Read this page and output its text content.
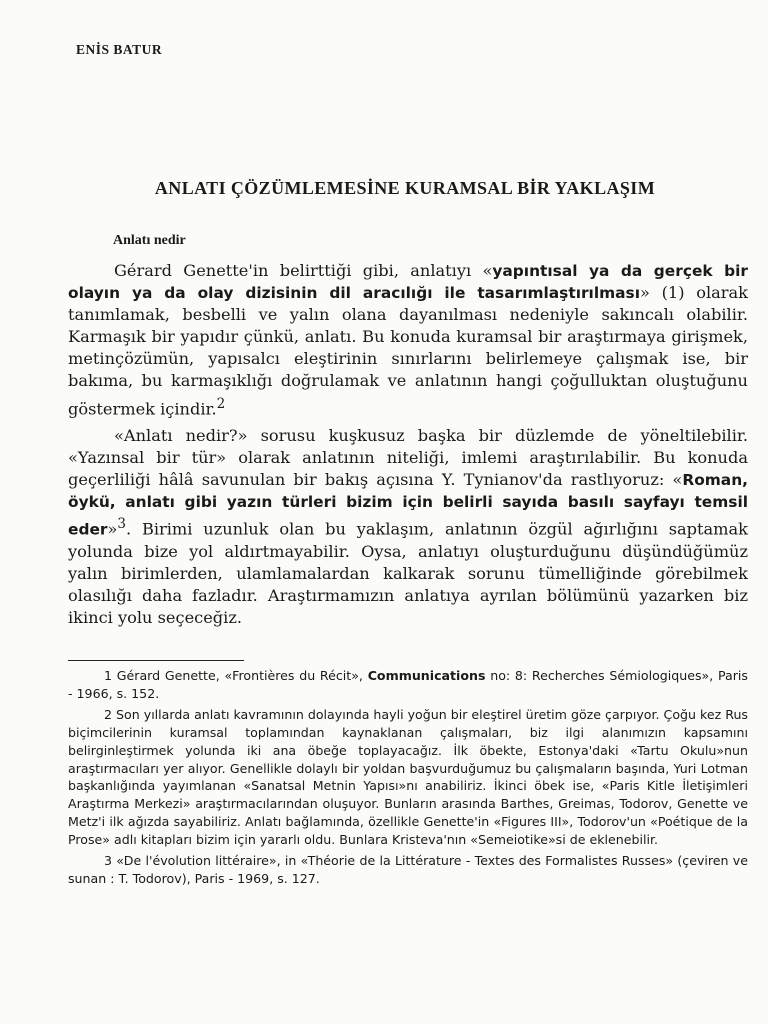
ENİS BATUR
ANLATI ÇÖZÜMLEMESİNE KURAMSAL BİR YAKLAŞIM
Anlatı nedir

Gérard Genette'in belirttiği gibi, anlatıyı «yapıntısal ya da gerçek bir olayın ya da olay dizisinin dil aracılığı ile tasarımlaştırılması» (1) olarak tanımlamak, besbelli ve yalın olana dayanılması nedeniyle sakıncalı olabilir. Karmaşık bir yapıdır çünkü, anlatı. Bu konuda kuramsal bir araştırmaya girişmek, metinçözümün, yapısalcı eleştirinin sınırlarını belirlemeye çalışmak ise, bir bakıma, bu karmaşıklığı doğrulamak ve anlatının hangi çoğulluktan oluştuğunu göstermek içindir.$^2$

«Anlatı nedir?» sorusu kuşkusuz başka bir düzlemde de yöneltilebilir. «Yazınsal bir tür» olarak anlatının niteliği, imlemi araştırılabilir. Bu konuda geçerliliği hâlâ savunulan bir bakış açısına Y. Tynianov'da rastlıyoruz: «Roman, öykü, anlatı gibi yazın türleri bizim için belirli sayıda basılı sayfayı temsil eder»$^3$. Birimi uzunluk olan bu yaklaşım, anlatının özgül ağırlığını saptamak yolunda bize yol aldırtmayabilir. Oysa, anlatıyı oluşturduğunu düşündüğümüz yalın birimlerden, ulamlamalardan kalkarak sorunu tümelliğinde görebilmek olasılığı daha fazladır. Araştırmamızın anlatıya ayrılan bölümünü yazarken biz ikinci yolu seçeceğiz.

1 Gérard Genette, «Frontières du Récit», Communications no: 8: Recherches Sémiologiques», Paris - 1966, s. 152.

2 Son yıllarda anlatı kavramının dolayında hayli yoğun bir eleştirel üretim göze çarpıyor. Çoğu kez Rus biçimcilerinin kuramsal toplamından kaynaklanan çalışmaları, biz ilgi alanımızın kapsamını belirginleştirmek yolunda iki ana öbeğe toplayacağız. İlk öbekte, Estonya'daki «Tartu Okulu»nun araştırmacıları yer alıyor. Genellikle dolaylı bir yoldan başvurduğumuz bu çalışmaların başında, Yuri Lotman başkanlığında yayımlanan «Sanatsal Metnin Yapısı»nı anabiliriz. İkinci öbek ise, «Paris Kitle İletişimleri Araştırma Merkezi» araştırmacılarından oluşuyor. Bunların arasında Barthes, Greimas, Todorov, Genette ve Metz'i ilk ağızda sayabiliriz. Anlatı bağlamında, özellikle Genette'in «Figures III», Todorov'un «Poétique de la Prose» adlı kitapları bizim için yararlı oldu. Bunlara Kristeva'nın «Semeiotike»si de eklenebilir.

3 «De l'évolution littéraire», in «Théorie de la Littérature - Textes des Formalistes Russes» (çeviren ve sunan : T. Todorov), Paris - 1969, s. 127.
